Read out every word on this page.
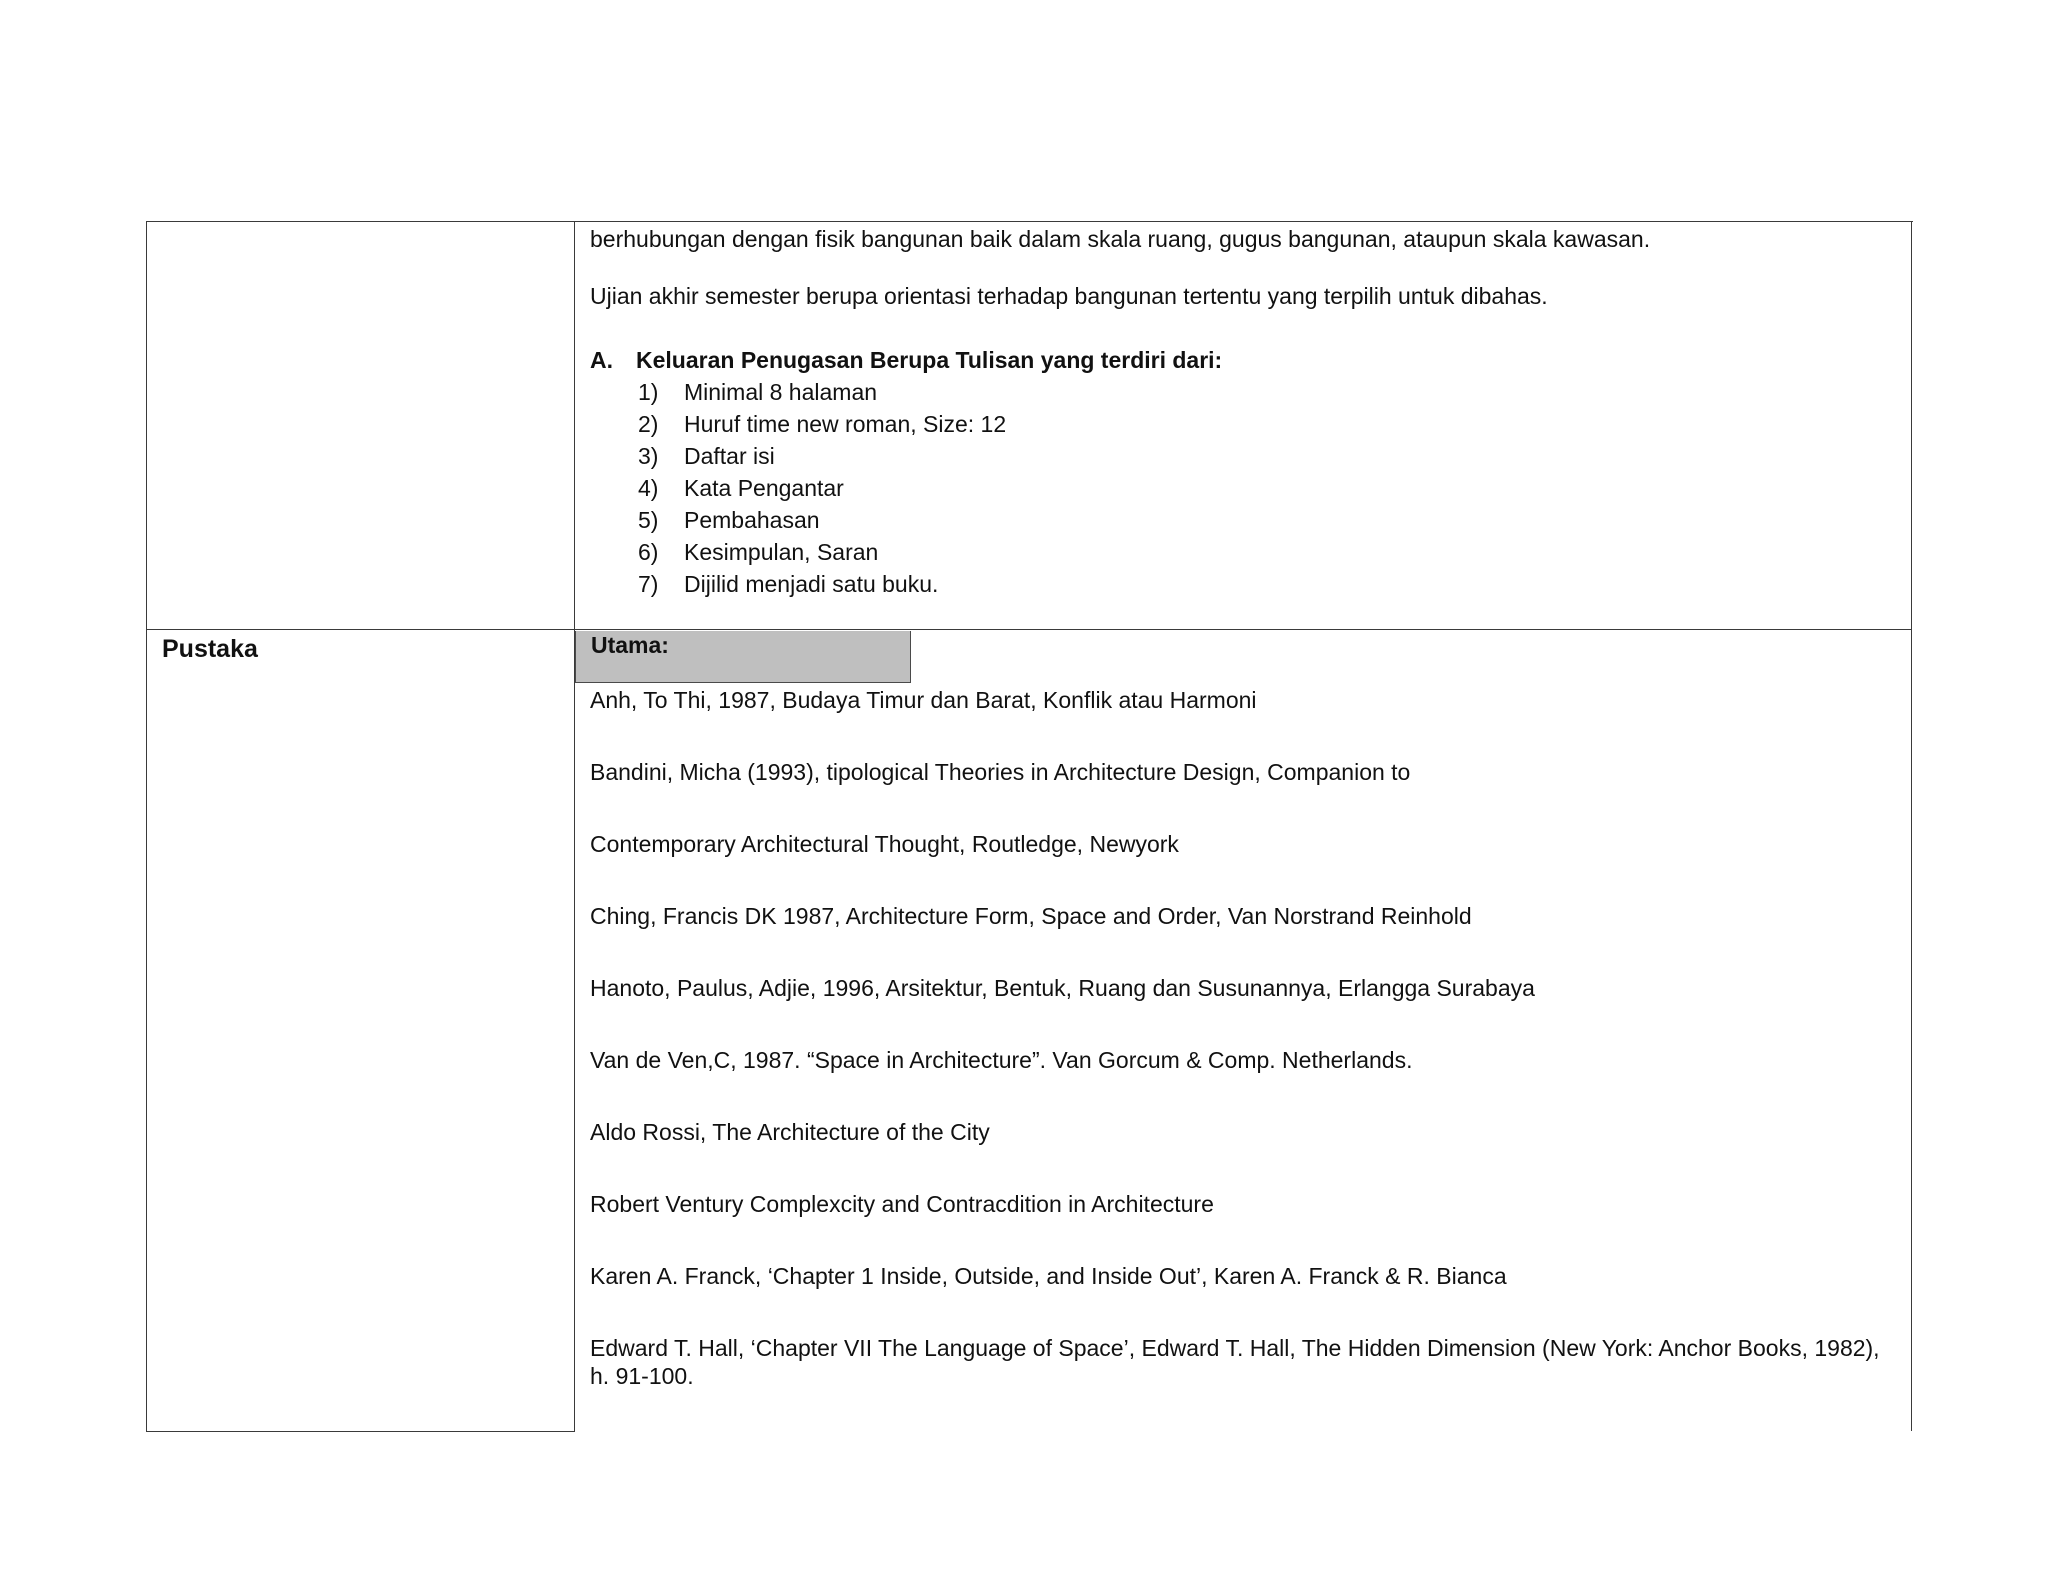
berhubungan dengan fisik bangunan baik dalam skala ruang, gugus bangunan, ataupun skala kawasan.
Ujian akhir semester berupa orientasi terhadap bangunan tertentu yang terpilih untuk dibahas.
A. Keluaran Penugasan Berupa Tulisan yang terdiri dari:
1) Minimal 8 halaman
2) Huruf time new roman, Size: 12
3) Daftar isi
4) Kata Pengantar
5) Pembahasan
6) Kesimpulan, Saran
7) Dijilid menjadi satu buku.
Pustaka	Utama:
Anh, To Thi, 1987, Budaya Timur dan Barat, Konflik atau Harmoni
Bandini, Micha (1993), tipological Theories in Architecture Design, Companion to
Contemporary Architectural Thought, Routledge, Newyork
Ching, Francis DK 1987, Architecture Form, Space and Order, Van Norstrand Reinhold
Hanoto, Paulus, Adjie, 1996, Arsitektur, Bentuk, Ruang dan Susunannya, Erlangga Surabaya
Van de Ven,C, 1987. “Space in Architecture”. Van Gorcum & Comp. Netherlands.
Aldo Rossi, The Architecture of the City
Robert Ventury Complexcity and Contracdition in Architecture
Karen A. Franck, ‘Chapter 1 Inside, Outside, and Inside Out’, Karen A. Franck & R. Bianca
Edward T. Hall, ‘Chapter VII The Language of Space’, Edward T. Hall, The Hidden Dimension (New York: Anchor Books, 1982), h. 91-100.
